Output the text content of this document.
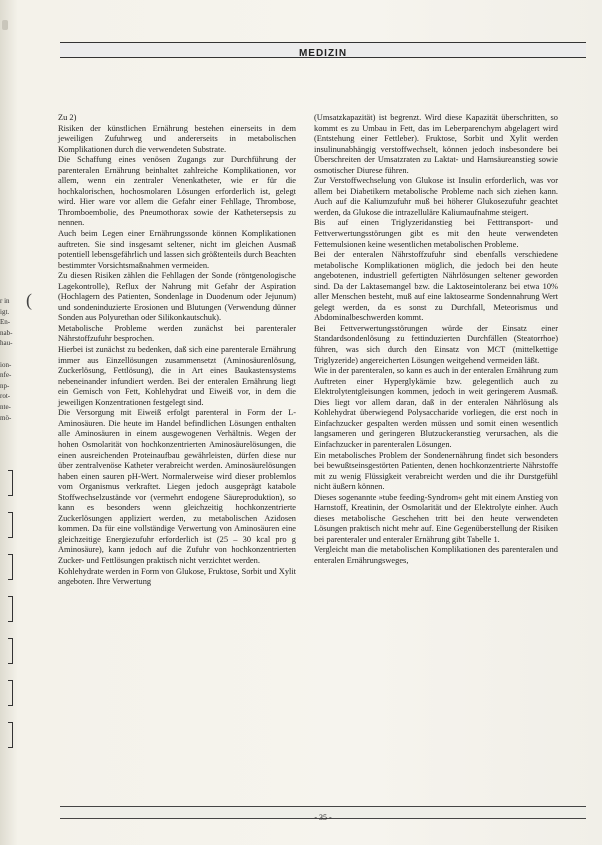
MEDIZIN
r in
igt.
En-
nab-
hau-

ion-
nfe-
np-
rot-
nte-
mö-
(

Zu 2)

Risiken der künstlichen Ernährung bestehen einerseits in dem jeweiligen Zufuhrweg und andererseits in metabolischen Komplikationen durch die verwendeten Substrate.

Die Schaffung eines venösen Zugangs zur Durchführung der parenteralen Ernährung beinhaltet zahlreiche Komplikationen, vor allem, wenn ein zentraler Venenkatheter, wie er für die hochkalorischen, hochosmolaren Lösungen erforderlich ist, gelegt wird. Hier ware vor allem die Gefahr einer Fehllage, Thrombose, Thromboembolie, des Pneumothorax sowie der Kathetersepsis zu nennen.

Auch beim Legen einer Ernährungssonde können Komplikationen auftreten. Sie sind insgesamt seltener, nicht im gleichen Ausmaß potentiell lebensgefährlich und lassen sich größtenteils durch Beachten bestimmter Vorsichtsmaßnahmen vermeiden.

Zu diesen Risiken zählen die Fehllagen der Sonde (röntgenologische Lagekontrolle), Reflux der Nahrung mit Gefahr der Aspiration (Hochlagern des Patienten, Sondenlage in Duodenum oder Jejunum) und sondeninduzierte Erosionen und Blutungen (Verwendung dünner Sonden aus Polyurethan oder Silikonkautschuk).

Metabolische Probleme werden zunächst bei parenteraler Nährstoffzufuhr besprochen.

Hierbei ist zunächst zu bedenken, daß sich eine parenterale Ernährung immer aus Einzellösungen zusammensetzt (Aminosäurenlösung, Zuckerlösung, Fettlösung), die in Art eines Baukastensystems nebeneinander infundiert werden. Bei der enteralen Ernährung liegt ein Gemisch von Fett, Kohlehydrat und Eiweiß vor, in dem die jeweiligen Konzentrationen festgelegt sind.

Die Versorgung mit Eiweiß erfolgt parenteral in Form der L-Aminosäuren. Die heute im Handel befindlichen Lösungen enthalten alle Aminosäuren in einem ausgewogenen Verhältnis. Wegen der hohen Osmolarität von hochkonzentrierten Aminosäurelösungen, die einen ausreichenden Proteinaufbau gewährleisten, dürfen diese nur über zentralvenöse Katheter verabreicht werden. Aminosäurelösungen haben einen sauren pH-Wert. Normalerweise wird dieser problemlos vom Organismus verkraftet. Liegen jedoch ausgeprägt katabole Stoffwechselzustände vor (vermehrt endogene Säureproduktion), so kann es besonders wenn gleichzeitig hochkonzentrierte Zuckerlösungen appliziert werden, zu metabolischen Azidosen kommen. Da für eine vollständige Verwertung von Aminosäuren eine gleichzeitige Energiezufuhr erforderlich ist (25 – 30 kcal pro g Aminosäure), kann jedoch auf die Zufuhr von hochkonzentrierten Zucker- und Fettlösungen praktisch nicht verzichtet werden.

Kohlehydrate werden in Form von Glukose, Fruktose, Sorbit und Xylit angeboten. Ihre Verwertung

(Umsatzkapazität) ist begrenzt. Wird diese Kapazität überschritten, so kommt es zu Umbau in Fett, das im Leberparenchym abgelagert wird (Entstehung einer Fettleber). Fruktose, Sorbit und Xylit werden insulinunabhängig verstoffwechselt, können jedoch insbesondere bei Überschreiten der Umsatzraten zu Laktat- und Harnsäureanstieg sowie osmotischer Diurese führen.

Zur Verstoffwechselung von Glukose ist Insulin erforderlich, was vor allem bei Diabetikern metabolische Probleme nach sich ziehen kann. Auch auf die Kaliumzufuhr muß bei höherer Glukosezufuhr geachtet werden, da Glukose die intrazelluläre Kaliumaufnahme steigert.

Bis auf einen Triglyzeridanstieg bei Fetttransport- und Fettverwertungsstörungen gibt es mit den heute verwendeten Fettemulsionen keine wesentlichen metabolischen Probleme.

Bei der enteralen Nährstoffzufuhr sind ebenfalls verschiedene metabolische Komplikationen möglich, die jedoch bei den heute angebotenen, industriell gefertigten Nährlösungen seltener geworden sind. Da der Laktasemangel bzw. die Laktoseintoleranz bei etwa 10% aller Menschen besteht, muß auf eine laktosearme Sondennahrung Wert gelegt werden, da es sonst zu Durchfall, Meteorismus und Abdominalbeschwerden kommt.

Bei Fettverwertungsstörungen würde der Einsatz einer Standardsondenlösung zu fettinduzierten Durchfällen (Steatorrhoe) führen, was sich durch den Einsatz von MCT (mittelkettige Triglyzeride) angereicherten Lösungen weitgehend vermeiden läßt.

Wie in der parenteralen, so kann es auch in der enteralen Ernährung zum Auftreten einer Hyperglykämie bzw. gelegentlich auch zu Elektrolytentgleisungen kommen, jedoch in weit geringerem Ausmaß. Dies liegt vor allem daran, daß in der enteralen Nährlösung als Kohlehydrat überwiegend Polysaccharide vorliegen, die erst noch in Einfachzucker gespalten werden müssen und somit einen wesentlich langsameren und geringeren Blutzuckeranstieg verursachen, als die Einfachzucker in parenteralen Lösungen.

Ein metabolisches Problem der Sondenernährung findet sich besonders bei bewußtseinsgestörten Patienten, denen hochkonzentrierte Nährstoffe mit zu wenig Flüssigkeit verabreicht werden und die ihr Durstgefühl nicht äußern können.

Dieses sogenannte »tube feeding-Syndrom« geht mit einem Anstieg von Harnstoff, Kreatinin, der Osmolarität und der Elektrolyte einher. Auch dieses metabolische Geschehen tritt bei den heute verwendeten Lösungen praktisch nicht mehr auf. Eine Gegenüberstellung der Risiken bei parenteraler und enteraler Ernährung gibt Tabelle 1.

Vergleicht man die metabolischen Komplikationen des parenteralen und enteralen Ernährungsweges,

- 35 -
